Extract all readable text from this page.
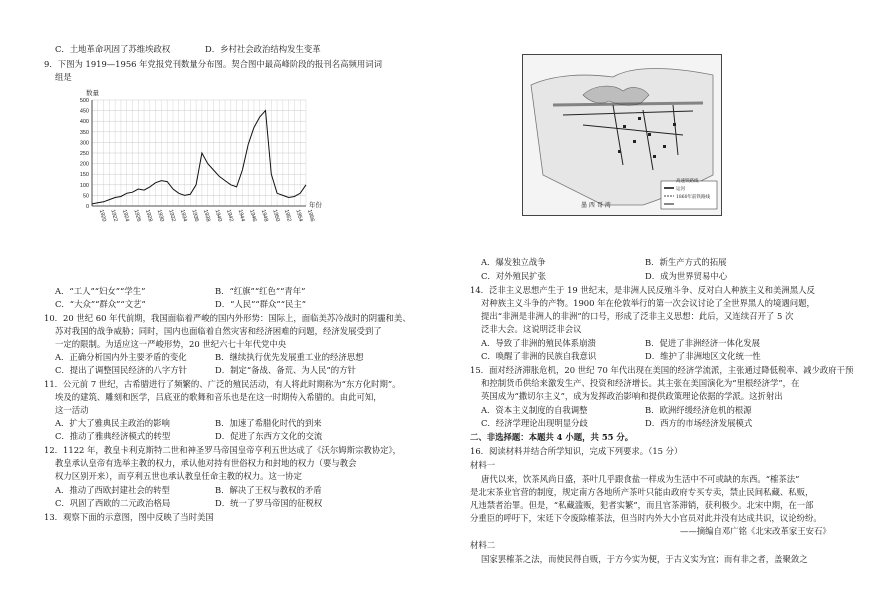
C．土地革命巩固了苏维埃政权	D．乡村社会政治结构发生变革
9．下图为 1919—1956 年党报党刊数量分布图。契合图中最高峰阶段的报刊名高频用词词
组是
0
50
100
150
200
250
300
350
400
450
500
1920 1922 1924 1926 1928 1930 1932 1934 1936 1938 1940 1942 1944 1946 1948 1950 1952 1954 1956
数量
年份
A．“工人”“妇女”“学生”	B．“红旗”“红色”“青年”
C．“大众”“群众”“文艺”	D．“人民”“群众”“民主”
10．20 世纪 60 年代前期，我国面临着严峻的国内外形势：国际上，面临美苏冷战时的阴霾和美、
苏对我国的战争威胁；同时，国内也面临着自然灾害和经济困难的问题，经济发展受到了
一定的限制。为适应这一严峻形势，20 世纪六七十年代党中央
A．正确分析国内外主要矛盾的变化	B．继续执行优先发展重工业的经济思想
C．提出了调整国民经济的八字方针	D．制定“备战、备荒、为人民”的方针
11．公元前 7 世纪，古希腊进行了频繁的、广泛的殖民活动，有人将此时期称为“东方化时期”。
埃及的建筑、雕刻和医学，吕底亚的歌舞和音乐也是在这一时期传入希腊的。由此可知，
这一活动
A．扩大了雅典民主政治的影响	B．加速了希腊化时代的到来
C．推动了雅典经济模式的转型	D．促进了东西方文化的交流
12．1122 年，教皇卡利克斯特二世和神圣罗马帝国皇帝亨利五世达成了《沃尔姆斯宗教协定》，
教皇承认皇帝有选举主教的权力，承认他对持有世俗权力和封地的权力（要与教会
权力区别开来），而亨利五世也承认教皇任命主教的权力。这一协定
A．推动了西欧封建社会的转型	B．解决了王权与教权的矛盾
C．巩固了西欧的二元政治格局	D．统一了罗马帝国的征税权
13．观察下面的示意图，图中反映了当时美国
高速铁路线
运河
1860年前铁路线
墨 西 哥 湾
A．爆发独立战争	B．新生产方式的拓展
C．对外殖民扩张	D．成为世界贸易中心
14．泛非主义思想产生于 19 世纪末，是非洲人民反殖斗争、反对白人种族主义和美洲黑人反
对种族主义斗争的产物。1900 年在伦敦举行的第一次会议讨论了全世界黑人的境遇问题，
提出“非洲是非洲人的非洲”的口号，形成了泛非主义思想：此后，又连续召开了 5 次
泛非大会。这说明泛非会议
A．导致了非洲的殖民体系崩溃	B．促进了非洲经济一体化发展
C．唤醒了非洲的民族自我意识	D．维护了非洲地区文化统一性
15．面对经济滞胀危机，20 世纪 70 年代出现在美国的经济学流派，主张通过降低税率、减少政府干预
和控制货币供给来激发生产、投资和经济增长。其主张在美国演化为“里根经济学”，在
英国成为“撒切尔主义”，成为发挥政治影响和提供政策理论依据的学派。这折射出
A．资本主义制度的自我调整	B．欧洲纾缓经济危机的根源
C．经济学理论出现明显分歧	D．西方的市场经济发展模式
二、非选择题：本题共 4 小题，共 55 分。
16．阅读材料并结合所学知识，完成下列要求。（15 分）
材料一
唐代以来，饮茶风尚日盛，茶叶几乎跟食盐一样成为生活中不可或缺的东西。“榷茶法”
是北宋茶业官营的制度，规定南方各地所产茶叶只能由政府专买专卖，禁止民间私藏、私贩，
凡违禁者治罪。但是，“私藏滥贩，犯者实繁”，而且官茶滞销，获利极少。北宋中期，在一部
分重臣的呼吁下，宋廷下令废除榷茶法，但当时内外大小官员对此并没有达成共识，议论纷纷。
——摘编自邓广铭《北宋改革家王安石》
材料二
国家罢榷茶之法，而使民得自贩，于方今实为便，于古义实为宜；而有非之者，盖聚敛之
